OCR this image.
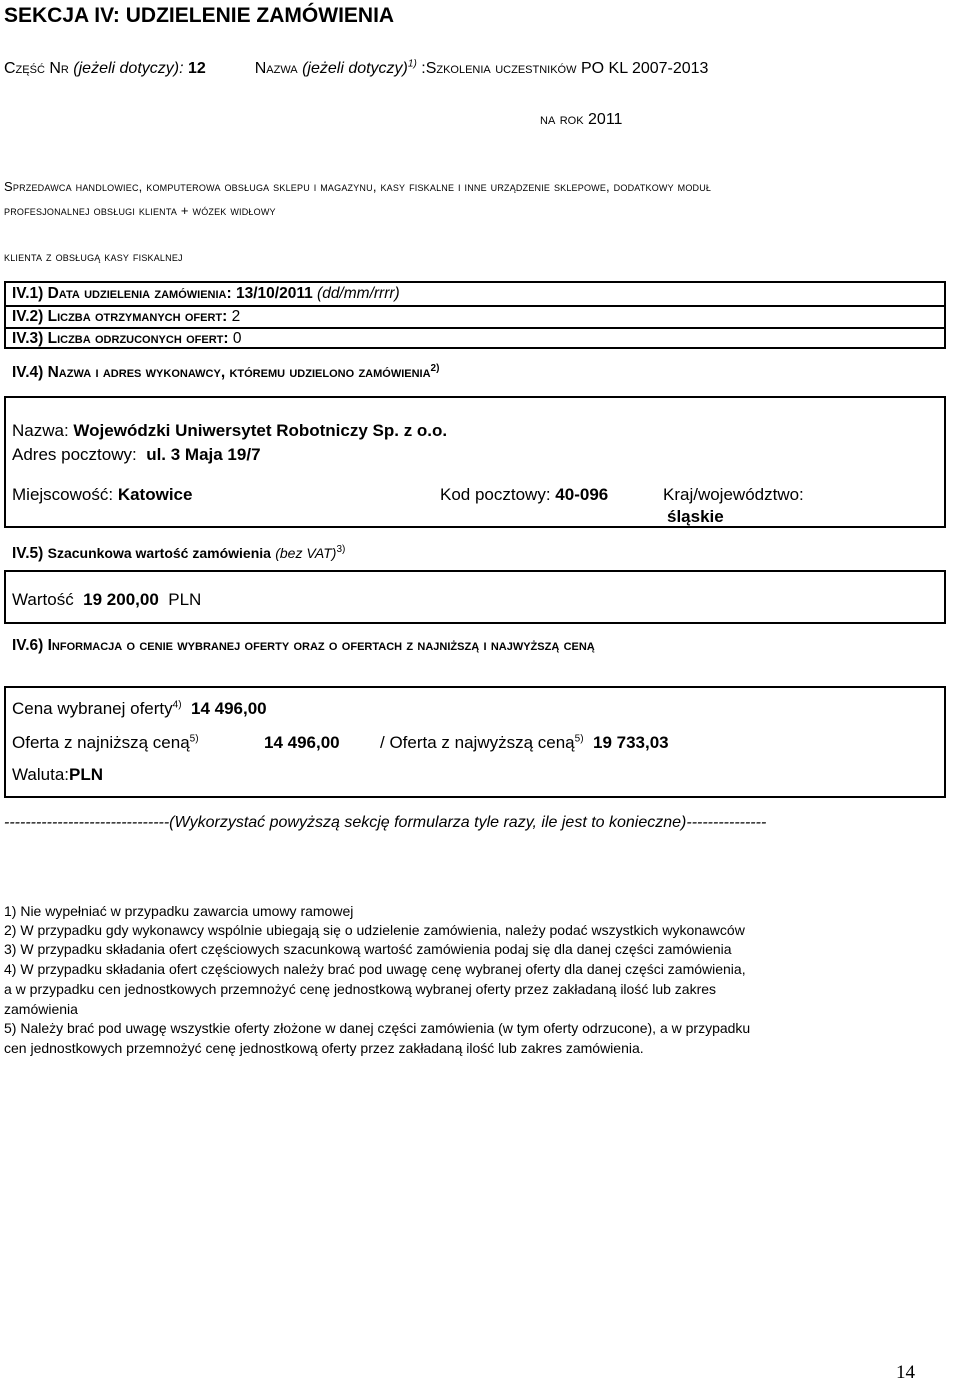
SEKCJA IV: UDZIELENIE ZAMÓWIENIA
Część Nr (jeżeli dotyczy): 12	Nazwa (jeżeli dotyczy)$^{1)}$ :Szkolenia uczestników PO KL 2007-2013
na rok 2011
Sprzedawca handlowiec, komputerowa obsługa sklepu i magazynu, kasy fiskalne i inne urządzenie sklepowe, dodatkowy moduł
profesjonalnej obsługi klienta + wózek widłowy
klienta z obsługą kasy fiskalnej
IV.1) Data udzielenia zamówienia: 13/10/2011 (dd/mm/rrrr)
IV.2) Liczba otrzymanych ofert: 2
IV.3) Liczba odrzuconych ofert: 0
IV.4) Nazwa i adres wykonawcy, któremu udzielono zamówienia$^{2)}$
Nazwa: Wojewódzki Uniwersytet Robotniczy Sp. z o.o.
Adres pocztowy: ul. 3 Maja 19/7
Miejscowość: Katowice	Kod pocztowy: 40-096	Kraj/województwo:
śląskie
IV.5) Szacunkowa wartość zamówienia (bez VAT)$^{3)}$
Wartość 19 200,00 PLN
IV.6) Informacja o cenie wybranej oferty oraz o ofertach z najniższą i najwyższą ceną
Cena wybranej oferty$^{4)}$ 14 496,00
Oferta z najniższą ceną$^{5)}$	14 496,00 / Oferta z najwyższą ceną$^{5)}$ 19 733,03
Waluta:PLN
-------------------------------(Wykorzystać powyższą sekcję formularza tyle razy, ile jest to konieczne)---------------
1) Nie wypełniać w przypadku zawarcia umowy ramowej
2) W przypadku gdy wykonawcy wspólnie ubiegają się o udzielenie zamówienia, należy podać wszystkich wykonawców
3) W przypadku składania ofert częściowych szacunkową wartość zamówienia podaj się dla danej części zamówienia
4) W przypadku składania ofert częściowych należy brać pod uwagę cenę wybranej oferty dla danej części zamówienia,
a w przypadku cen jednostkowych przemnożyć cenę jednostkową wybranej oferty przez zakładaną ilość lub zakres
zamówienia
5) Należy brać pod uwagę wszystkie oferty złożone w danej części zamówienia (w tym oferty odrzucone), a w przypadku
cen jednostkowych przemnożyć cenę jednostkową oferty przez zakładaną ilość lub zakres zamówienia.
14
